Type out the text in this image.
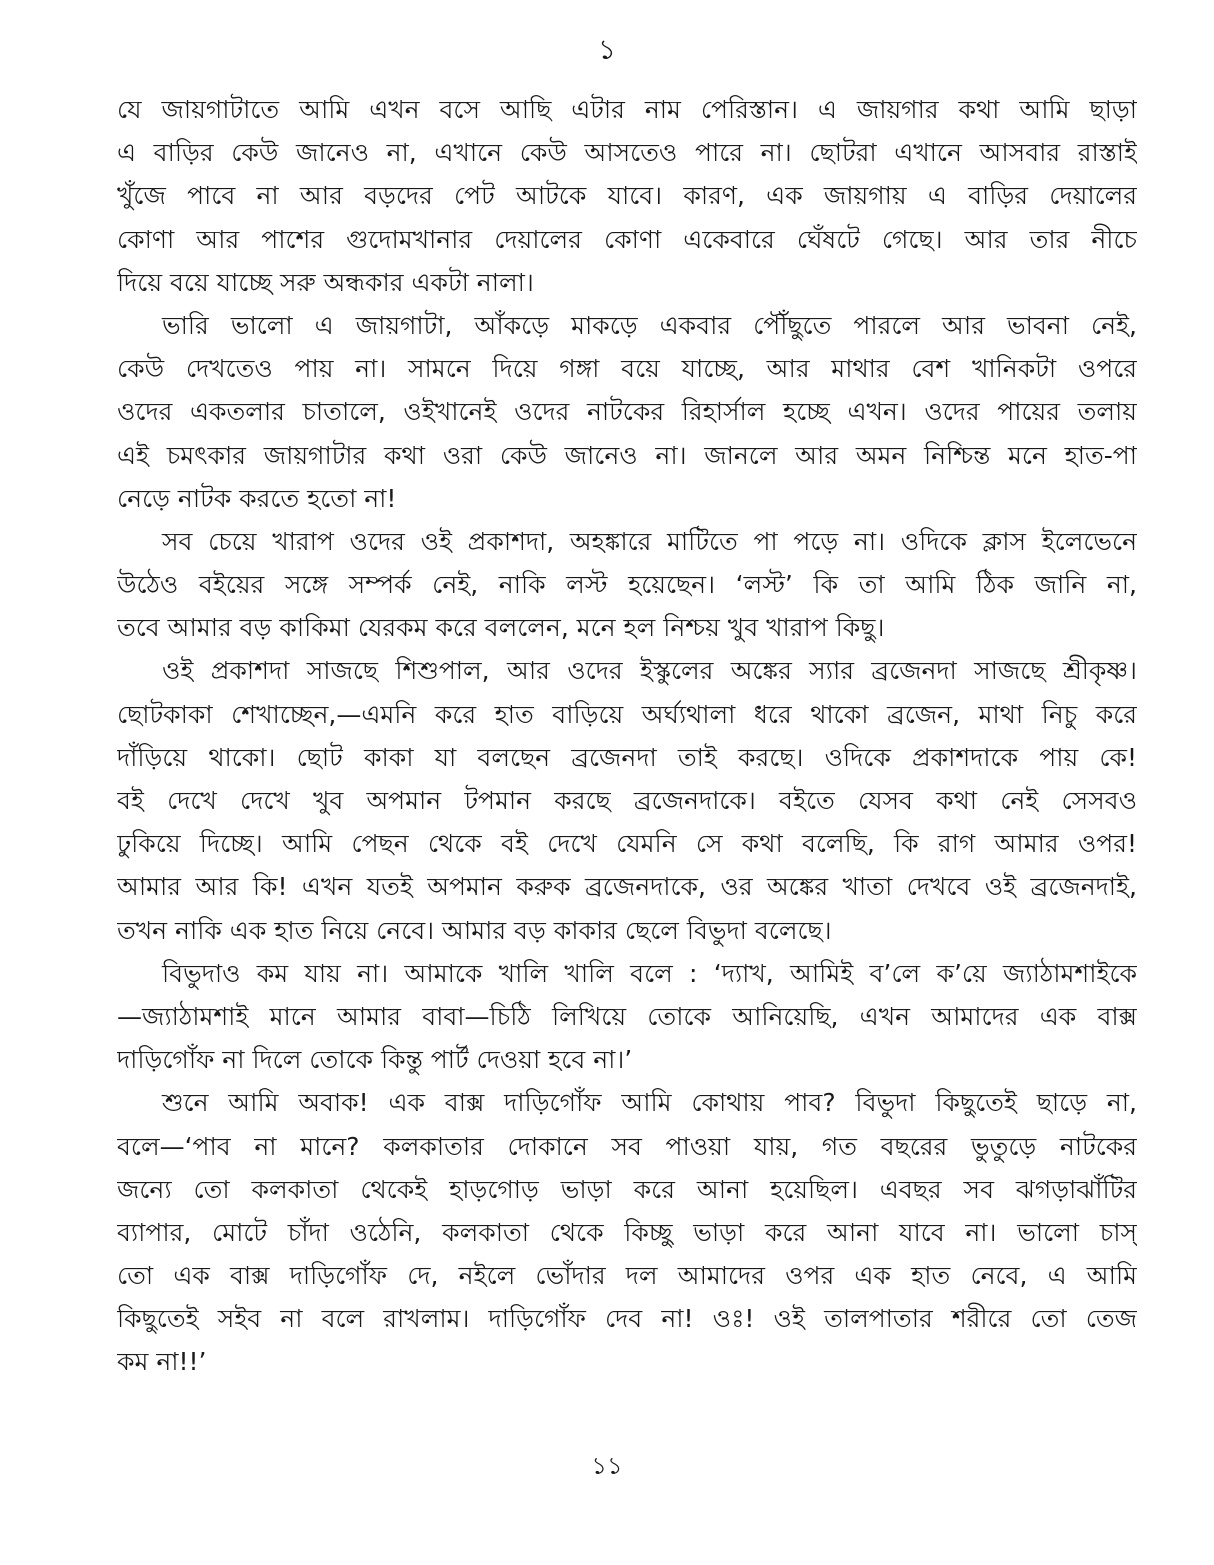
১
যে জায়গাটাতে আমি এখন বসে আছি এটার নাম পেরিস্তান। এ জায়গার কথা আমি ছাড়া
এ বাড়ির কেউ জানেও না, এখানে কেউ আসতেও পারে না। ছোটরা এখানে আসবার রাস্তাই
খুঁজে পাবে না আর বড়দের পেট আটকে যাবে। কারণ, এক জায়গায় এ বাড়ির দেয়ালের
কোণা আর পাশের গুদোমখানার দেয়ালের কোণা একেবারে ঘেঁষটে গেছে। আর তার নীচে
দিয়ে বয়ে যাচ্ছে সরু অন্ধকার একটা নালা।
ভারি ভালো এ জায়গাটা, আঁকড়ে মাকড়ে একবার পৌঁছুতে পারলে আর ভাবনা নেই,
কেউ দেখতেও পায় না। সামনে দিয়ে গঙ্গা বয়ে যাচ্ছে, আর মাথার বেশ খানিকটা ওপরে
ওদের একতলার চাতালে, ওইখানেই ওদের নাটকের রিহার্সাল হচ্ছে এখন। ওদের পায়ের তলায়
এই চমৎকার জায়গাটার কথা ওরা কেউ জানেও না। জানলে আর অমন নিশ্চিন্ত মনে হাত-পা
নেড়ে নাটক করতে হতো না!
সব চেয়ে খারাপ ওদের ওই প্রকাশদা, অহঙ্কারে মাটিতে পা পড়ে না। ওদিকে ক্লাস ইলেভেনে
উঠেও বইয়ের সঙ্গে সম্পর্ক নেই, নাকি লস্ট হয়েছেন। ‘লস্ট’ কি তা আমি ঠিক জানি না,
তবে আমার বড় কাকিমা যেরকম করে বললেন, মনে হল নিশ্চয় খুব খারাপ কিছু।
ওই প্রকাশদা সাজছে শিশুপাল, আর ওদের ইস্কুলের অঙ্কের স্যার ব্রজেনদা সাজছে শ্রীকৃষ্ণ।
ছোটকাকা শেখাচ্ছেন,—এমনি করে হাত বাড়িয়ে অর্ঘ্যথালা ধরে থাকো ব্রজেন, মাথা নিচু করে
দাঁড়িয়ে থাকো। ছোট কাকা যা বলছেন ব্রজেনদা তাই করছে। ওদিকে প্রকাশদাকে পায় কে!
বই দেখে দেখে খুব অপমান টপমান করছে ব্রজেনদাকে। বইতে যেসব কথা নেই সেসবও
ঢুকিয়ে দিচ্ছে। আমি পেছন থেকে বই দেখে যেমনি সে কথা বলেছি, কি রাগ আমার ওপর!
আমার আর কি! এখন যতই অপমান করুক ব্রজেনদাকে, ওর অঙ্কের খাতা দেখবে ওই ব্রজেনদাই,
তখন নাকি এক হাত নিয়ে নেবে। আমার বড় কাকার ছেলে বিভুদা বলেছে।
বিভুদাও কম যায় না। আমাকে খালি খালি বলে : ‘দ্যাখ, আমিই ব’লে ক’য়ে জ্যাঠামশাইকে
—জ্যাঠামশাই মানে আমার বাবা—চিঠি লিখিয়ে তোকে আনিয়েছি, এখন আমাদের এক বাক্স
দাড়িগোঁফ না দিলে তোকে কিন্তু পার্ট দেওয়া হবে না।’
শুনে আমি অবাক! এক বাক্স দাড়িগোঁফ আমি কোথায় পাব? বিভুদা কিছুতেই ছাড়ে না,
বলে—‘পাব না মানে? কলকাতার দোকানে সব পাওয়া যায়, গত বছরের ভুতুড়ে নাটকের
জন্যে তো কলকাতা থেকেই হাড়গোড় ভাড়া করে আনা হয়েছিল। এবছর সব ঝগড়াঝাঁটির
ব্যাপার, মোটে চাঁদা ওঠেনি, কলকাতা থেকে কিচ্ছু ভাড়া করে আনা যাবে না। ভালো চাস্
তো এক বাক্স দাড়িগোঁফ দে, নইলে ভোঁদার দল আমাদের ওপর এক হাত নেবে, এ আমি
কিছুতেই সইব না বলে রাখলাম। দাড়িগোঁফ দেব না! ওঃ! ওই তালপাতার শরীরে তো তেজ
কম না!!’
১১
